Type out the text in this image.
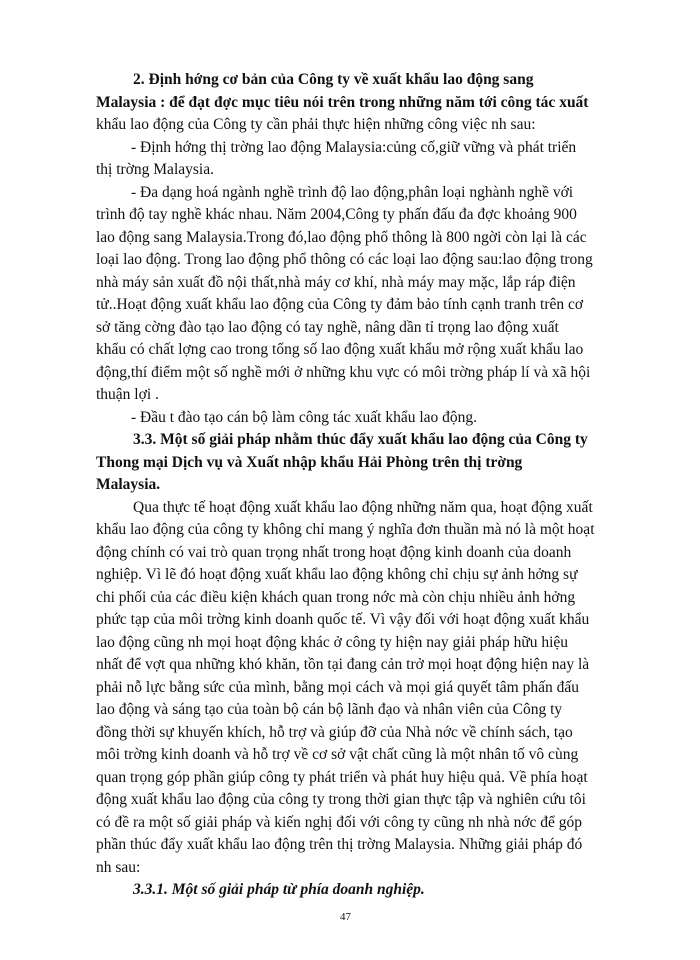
2. Định hớng cơ bản của Công ty về xuất khẩu lao động sang
Malaysia : để đạt đợc mục tiêu nói trên trong những năm tới công tác xuất
khẩu lao động của Công ty cần phải thực hiện những công việc nh sau:
- Định hớng thị trờng lao động Malaysia:củng cố,giữ vững và phát triển
thị trờng Malaysia.
- Đa dạng hoá ngành nghề trình độ lao động,phân loại nghành nghề với
trình độ tay nghề khác nhau. Năm 2004,Công ty phấn đấu đa đợc khoảng 900
lao động sang Malaysia.Trong đó,lao động phổ thông là 800 ngời còn lại là các
loại lao động. Trong lao động phổ thông có các loại lao động sau:lao động trong
nhà máy sản xuất đồ nội thất,nhà máy cơ khí, nhà máy may mặc, lắp ráp điện
tử..Hoạt động xuất khẩu lao động của Công ty đảm bảo tính cạnh tranh trên cơ
sở tăng cờng đào tạo lao động có tay nghề, nâng dần tỉ trọng lao động xuất
khẩu có chất lợng cao trong tổng số lao động xuất khẩu mở rộng xuất khẩu lao
động,thí điểm một số nghề mới ở những khu vực có môi trờng pháp lí và xã hội
thuận lợi .
- Đầu t đào tạo cán bộ làm công tác xuất khẩu lao động.
3.3. Một số giải pháp nhằm thúc đẩy xuất khẩu lao động của Công ty
Thong mại Dịch vụ và Xuất nhập khẩu Hải Phòng trên thị trờng
Malaysia.
Qua thực tế hoạt động xuất khẩu lao động những năm qua, hoạt động xuất
khẩu lao động của công ty không chỉ mang ý nghĩa đơn thuần mà nó là một hoạt
động chính có vai trò quan trọng nhất trong hoạt động kinh doanh của doanh
nghiệp. Vì lẽ đó hoạt động xuất khẩu lao động không chỉ chịu sự ảnh hởng sự
chi phối của các điều kiện khách quan trong nớc mà còn chịu nhiều ảnh hởng
phức tạp của môi trờng kinh doanh quốc tế. Vì vậy đối với hoạt động xuất khẩu
lao động cũng nh mọi hoạt động khác ở công ty hiện nay giải pháp hữu hiệu
nhất để vợt qua những khó khăn, tồn tại đang cản trở mọi hoạt động hiện nay là
phải nỗ lực bằng sức của mình, bằng mọi cách và mọi giá quyết tâm phấn đấu
lao động và sáng tạo của toàn bộ cán bộ lãnh đạo và nhân viên của Công ty
đồng thời sự khuyến khích, hỗ trợ và giúp đỡ của Nhà nớc về chính sách, tạo
môi trờng kinh doanh và hỗ trợ về cơ sở vật chất cũng là một nhân tố vô cùng
quan trọng góp phần giúp công ty phát triển và phát huy hiệu quả. Về phía hoạt
động xuất khẩu lao động của công ty trong thời gian thực tập và nghiên cứu tôi
có đề ra một số giải pháp và kiến nghị đối với công ty cũng nh nhà nớc để góp
phần thúc đẩy xuất khẩu lao động trên thị trờng Malaysia. Những giải pháp đó
nh sau:
3.3.1. Một số giải pháp từ phía doanh nghiệp.
47
